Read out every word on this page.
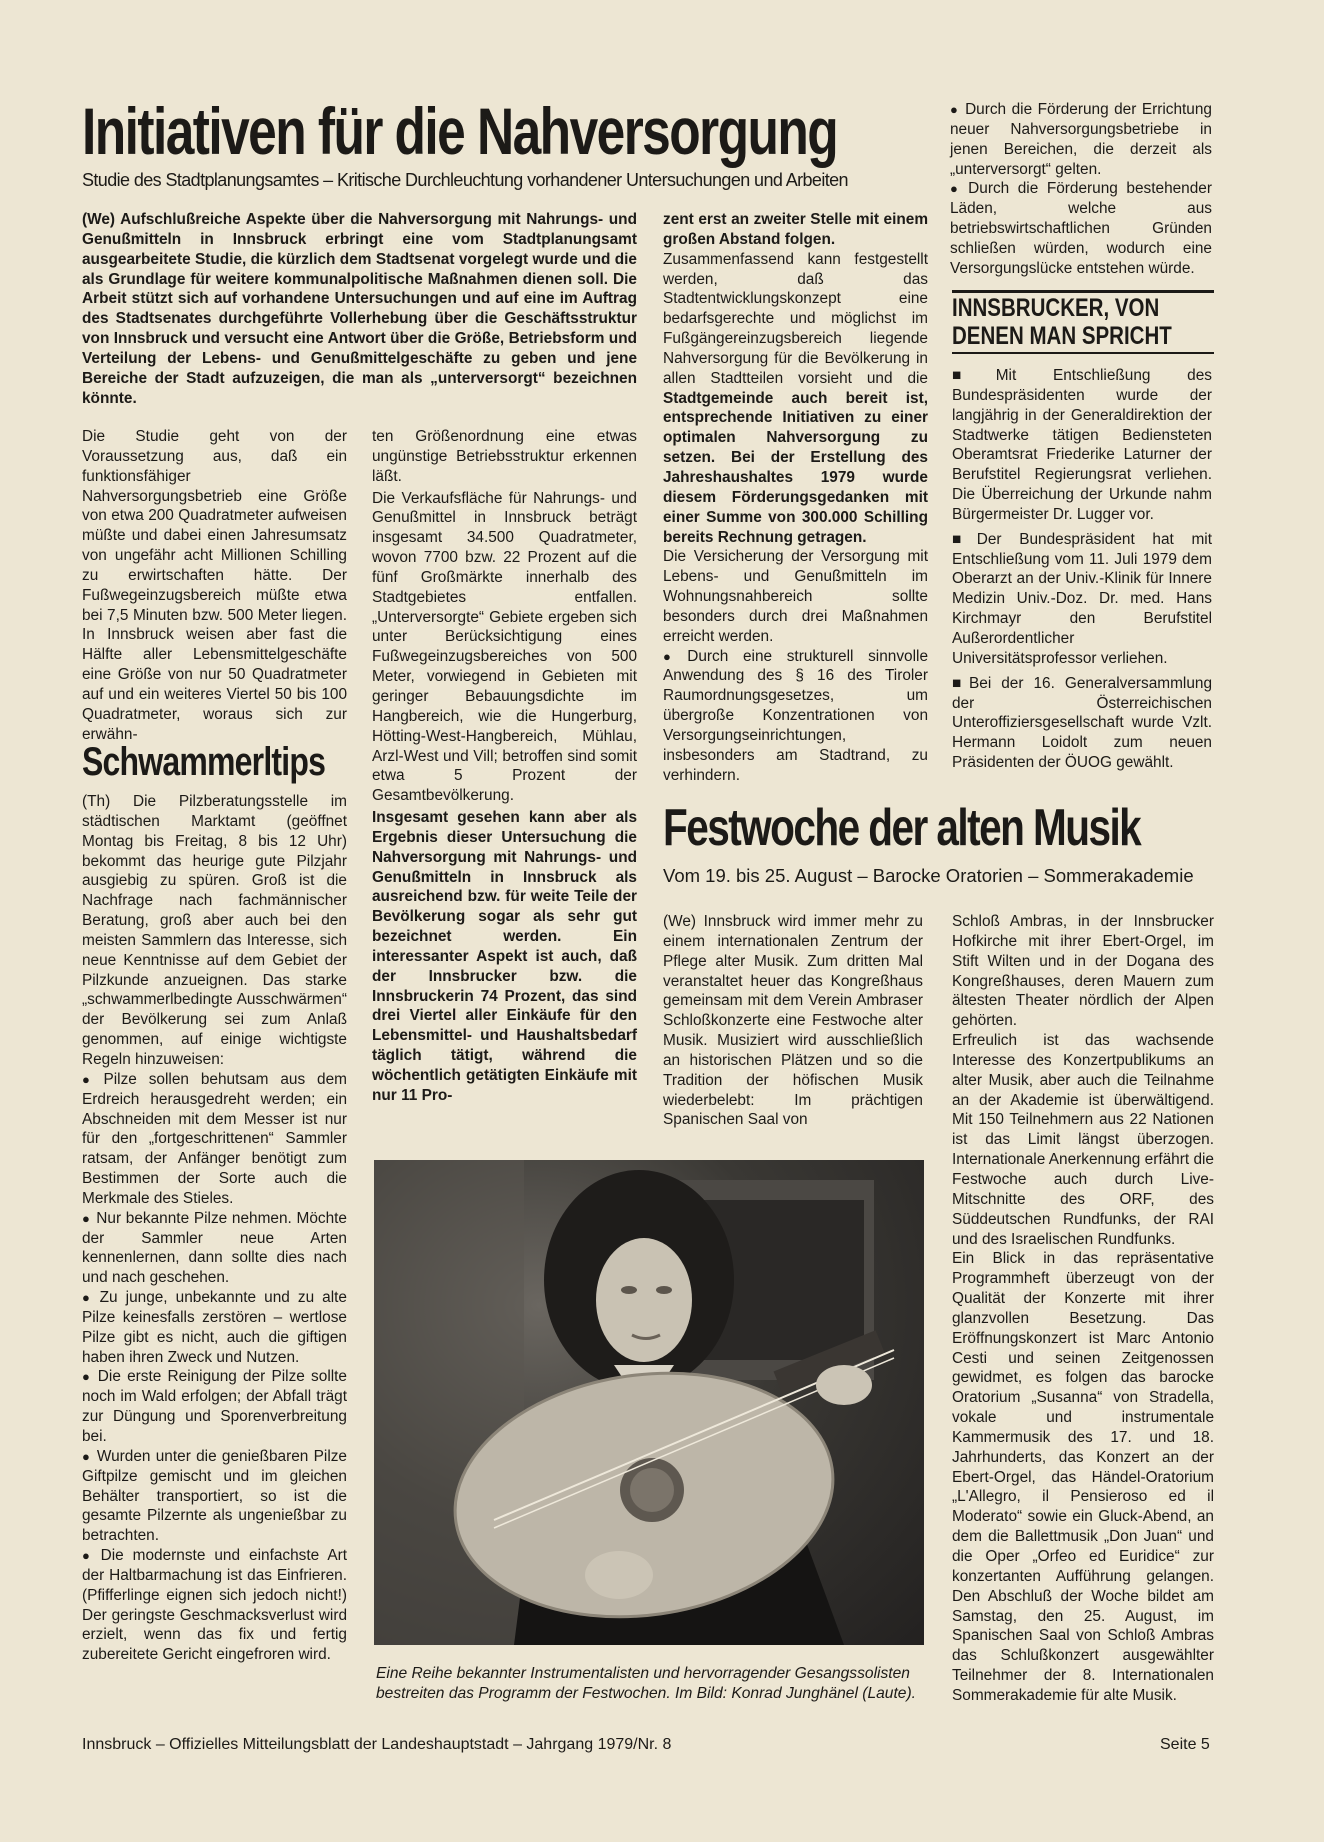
Initiativen für die Nahversorgung
Studie des Stadtplanungsamtes – Kritische Durchleuchtung vorhandener Untersuchungen und Arbeiten

(We) Aufschlußreiche Aspekte über die Nahversorgung mit Nahrungs- und Genußmitteln in Innsbruck erbringt eine vom Stadtplanungsamt ausgearbeitete Studie, die kürzlich dem Stadtsenat vorgelegt wurde und die als Grundlage für weitere kommunalpolitische Maßnahmen dienen soll. Die Arbeit stützt sich auf vorhandene Untersuchungen und auf eine im Auftrag des Stadtsenates durchgeführte Vollerhebung über die Geschäftsstruktur von Innsbruck und versucht eine Antwort über die Größe, Betriebsform und Verteilung der Lebens- und Genußmittelgeschäfte zu geben und jene Bereiche der Stadt aufzuzeigen, die man als „unterversorgt“ bezeichnen könnte.

Die Studie geht von der Voraussetzung aus, daß ein funktionsfähiger Nahversorgungsbetrieb eine Größe von etwa 200 Quadratmeter aufweisen müßte und dabei einen Jahresumsatz von ungefähr acht Millionen Schilling zu erwirtschaften hätte. Der Fußwegeinzugsbereich müßte etwa bei 7,5 Minuten bzw. 500 Meter liegen. In Innsbruck weisen aber fast die Hälfte aller Lebensmittelgeschäfte eine Größe von nur 50 Quadratmeter auf und ein weiteres Viertel 50 bis 100 Quadratmeter, woraus sich zur erwähn-

ten Größenordnung eine etwas ungünstige Betriebsstruktur erkennen läßt.

Die Verkaufsfläche für Nahrungs- und Genußmittel in Innsbruck beträgt insgesamt 34.500 Quadratmeter, wovon 7700 bzw. 22 Prozent auf die fünf Großmärkte innerhalb des Stadtgebietes entfallen. „Unterversorgte“ Gebiete ergeben sich unter Berücksichtigung eines Fußwegeinzugsbereiches von 500 Meter, vorwiegend in Gebieten mit geringer Bebauungsdichte im Hangbereich, wie die Hungerburg, Hötting-West-Hangbereich, Mühlau, Arzl-West und Vill; betroffen sind somit etwa 5 Prozent der Gesamtbevölkerung.

Insgesamt gesehen kann aber als Ergebnis dieser Untersuchung die Nahversorgung mit Nahrungs- und Genußmitteln in Innsbruck als ausreichend bzw. für weite Teile der Bevölkerung sogar als sehr gut bezeichnet werden. Ein interessanter Aspekt ist auch, daß der Innsbrucker bzw. die Innsbruckerin 74 Prozent, das sind drei Viertel aller Einkäufe für den Lebensmittel- und Haushaltsbedarf täglich tätigt, während die wöchentlich getätigten Einkäufe mit nur 11 Pro-

zent erst an zweiter Stelle mit einem großen Abstand folgen.

Zusammenfassend kann festgestellt werden, daß das Stadtentwicklungskonzept eine bedarfsgerechte und möglichst im Fußgängereinzugsbereich liegende Nahversorgung für die Bevölkerung in allen Stadtteilen vorsieht und die Stadtgemeinde auch bereit ist, entsprechende Initiativen zu einer optimalen Nahversorgung zu setzen. Bei der Erstellung des Jahreshaushaltes 1979 wurde diesem Förderungsgedanken mit einer Summe von 300.000 Schilling bereits Rechnung getragen.

Die Versicherung der Versorgung mit Lebens- und Genußmitteln im Wohnungsnahbereich sollte besonders durch drei Maßnahmen erreicht werden.

● Durch eine strukturell sinnvolle Anwendung des § 16 des Tiroler Raumordnungsgesetzes, um übergroße Konzentrationen von Versorgungseinrichtungen, insbesonders am Stadtrand, zu verhindern.

● Durch die Förderung der Errichtung neuer Nahversorgungsbetriebe in jenen Bereichen, die derzeit als „unterversorgt“ gelten.

● Durch die Förderung bestehender Läden, welche aus betriebswirtschaftlichen Gründen schließen würden, wodurch eine Versorgungslücke entstehen würde.

INNSBRUCKER, VON
DENEN MAN SPRICHT

■ Mit Entschließung des Bundespräsidenten wurde der langjährig in der Generaldirektion der Stadtwerke tätigen Bediensteten Oberamtsrat Friederike Laturner der Berufstitel Regierungsrat verliehen. Die Überreichung der Urkunde nahm Bürgermeister Dr. Lugger vor.

■ Der Bundespräsident hat mit Entschließung vom 11. Juli 1979 dem Oberarzt an der Univ.-Klinik für Innere Medizin Univ.-Doz. Dr. med. Hans Kirchmayr den Berufstitel Außerordentlicher Universitätsprofessor verliehen.

■ Bei der 16. Generalversammlung der Österreichischen Unteroffiziersgesellschaft wurde Vzlt. Hermann Loidolt zum neuen Präsidenten der ÖUOG gewählt.

Schwammerltips

(Th) Die Pilzberatungsstelle im städtischen Marktamt (geöffnet Montag bis Freitag, 8 bis 12 Uhr) bekommt das heurige gute Pilzjahr ausgiebig zu spüren. Groß ist die Nachfrage nach fachmännischer Beratung, groß aber auch bei den meisten Sammlern das Interesse, sich neue Kenntnisse auf dem Gebiet der Pilzkunde anzueignen. Das starke „schwammerlbedingte Ausschwärmen“ der Bevölkerung sei zum Anlaß genommen, auf einige wichtigste Regeln hinzuweisen:

● Pilze sollen behutsam aus dem Erdreich herausgedreht werden; ein Abschneiden mit dem Messer ist nur für den „fortgeschrittenen“ Sammler ratsam, der Anfänger benötigt zum Bestimmen der Sorte auch die Merkmale des Stieles.

● Nur bekannte Pilze nehmen. Möchte der Sammler neue Arten kennenlernen, dann sollte dies nach und nach geschehen.

● Zu junge, unbekannte und zu alte Pilze keinesfalls zerstören – wertlose Pilze gibt es nicht, auch die giftigen haben ihren Zweck und Nutzen.

● Die erste Reinigung der Pilze sollte noch im Wald erfolgen; der Abfall trägt zur Düngung und Sporenverbreitung bei.

● Wurden unter die genießbaren Pilze Giftpilze gemischt und im gleichen Behälter transportiert, so ist die gesamte Pilzernte als ungenießbar zu betrachten.

● Die modernste und einfachste Art der Haltbarmachung ist das Einfrieren. (Pfifferlinge eignen sich jedoch nicht!) Der geringste Geschmacksverlust wird erzielt, wenn das fix und fertig zubereitete Gericht eingefroren wird.

Festwoche der alten Musik
Vom 19. bis 25. August – Barocke Oratorien – Sommerakademie

(We) Innsbruck wird immer mehr zu einem internationalen Zentrum der Pflege alter Musik. Zum dritten Mal veranstaltet heuer das Kongreßhaus gemeinsam mit dem Verein Ambraser Schloßkonzerte eine Festwoche alter Musik. Musiziert wird ausschließlich an historischen Plätzen und so die Tradition der höfischen Musik wiederbelebt: Im prächtigen Spanischen Saal von

Schloß Ambras, in der Innsbrucker Hofkirche mit ihrer Ebert-Orgel, im Stift Wilten und in der Dogana des Kongreßhauses, deren Mauern zum ältesten Theater nördlich der Alpen gehörten.

Erfreulich ist das wachsende Interesse des Konzertpublikums an alter Musik, aber auch die Teilnahme an der Akademie ist überwältigend. Mit 150 Teilnehmern aus 22 Nationen ist das Limit längst überzogen. Internationale Anerkennung erfährt die Festwoche auch durch Live-Mitschnitte des ORF, des Süddeutschen Rundfunks, der RAI und des Israelischen Rundfunks.

Ein Blick in das repräsentative Programmheft überzeugt von der Qualität der Konzerte mit ihrer glanzvollen Besetzung. Das Eröffnungskonzert ist Marc Antonio Cesti und seinen Zeitgenossen gewidmet, es folgen das barocke Oratorium „Susanna“ von Stradella, vokale und instrumentale Kammermusik des 17. und 18. Jahrhunderts, das Konzert an der Ebert-Orgel, das Händel-Oratorium „L'Allegro, il Pensieroso ed il Moderato“ sowie ein Gluck-Abend, an dem die Ballettmusik „Don Juan“ und die Oper „Orfeo ed Euridice“ zur konzertanten Aufführung gelangen. Den Abschluß der Woche bildet am Samstag, den 25. August, im Spanischen Saal von Schloß Ambras das Schlußkonzert ausgewählter Teilnehmer der 8. Internationalen Sommerakademie für alte Musik.

Eine Reihe bekannter Instrumentalisten und hervorragender Gesangssolisten bestreiten das Programm der Festwochen. Im Bild: Konrad Junghänel (Laute).
Innsbruck – Offizielles Mitteilungsblatt der Landeshauptstadt – Jahrgang 1979/Nr. 8	Seite 5
